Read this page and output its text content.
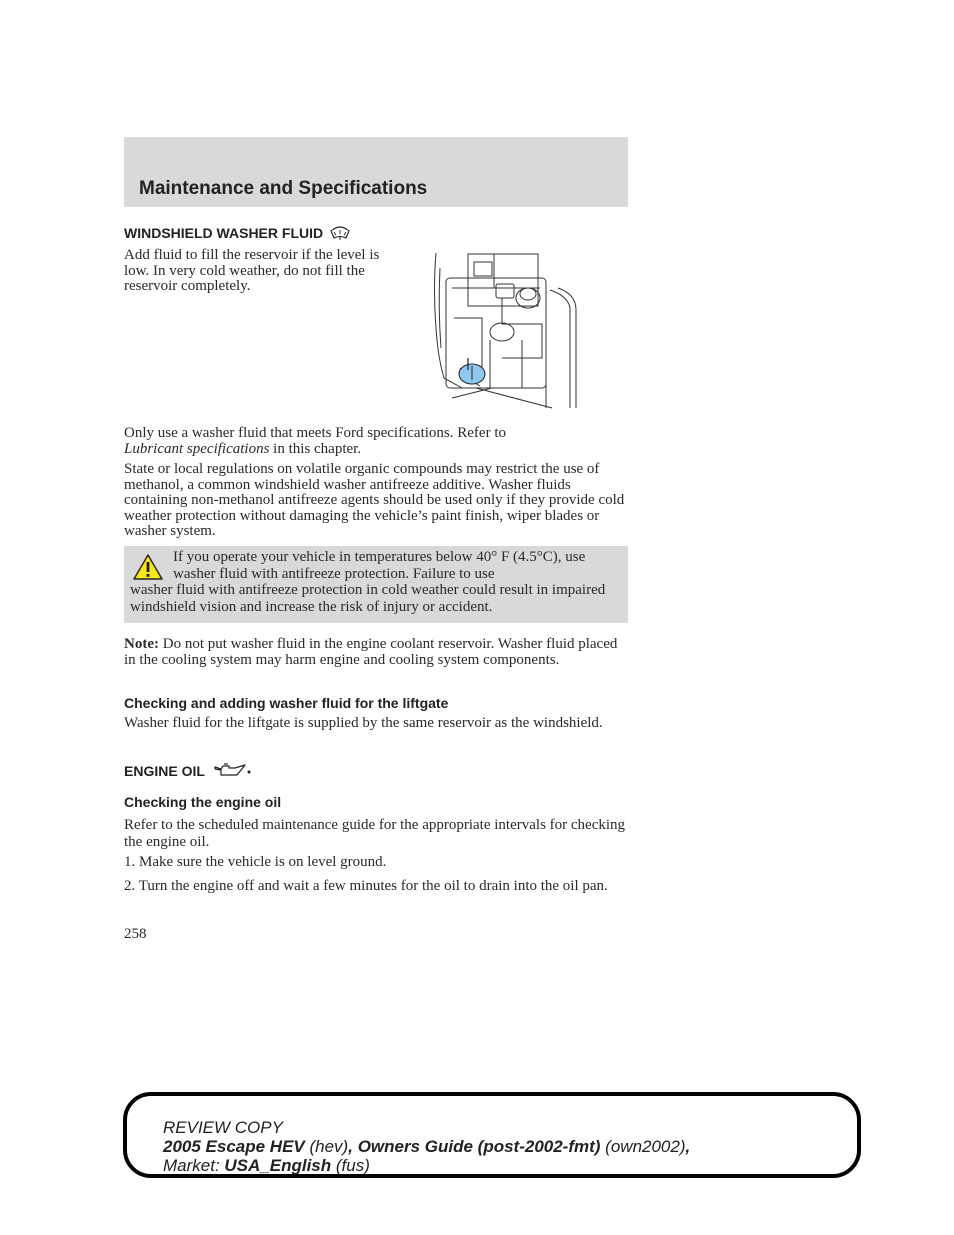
Maintenance and Specifications
WINDSHIELD WASHER FLUID

Add fluid to fill the reservoir if the level is low. In very cold weather, do not fill the reservoir completely.

Only use a washer fluid that meets Ford specifications. Refer to
Lubricant specifications in this chapter.

State or local regulations on volatile organic compounds may restrict the use of methanol, a common windshield washer antifreeze additive. Washer fluids containing non-methanol antifreeze agents should be used only if they provide cold weather protection without damaging the vehicle’s paint finish, wiper blades or washer system.

If you operate your vehicle in temperatures below 40° F (4.5°C), use washer fluid with antifreeze protection. Failure to use
washer fluid with antifreeze protection in cold weather could result in impaired windshield vision and increase the risk of injury or accident.

Note: Do not put washer fluid in the engine coolant reservoir. Washer fluid placed in the cooling system may harm engine and cooling system components.

Checking and adding washer fluid for the liftgate

Washer fluid for the liftgate is supplied by the same reservoir as the windshield.

ENGINE OIL
Checking the engine oil

Refer to the scheduled maintenance guide for the appropriate intervals for checking the engine oil.

1. Make sure the vehicle is on level ground.

2. Turn the engine off and wait a few minutes for the oil to drain into the oil pan.

258
REVIEW COPY
2005 Escape HEV (hev), Owners Guide (post-2002-fmt) (own2002),
Market: USA_English (fus)
